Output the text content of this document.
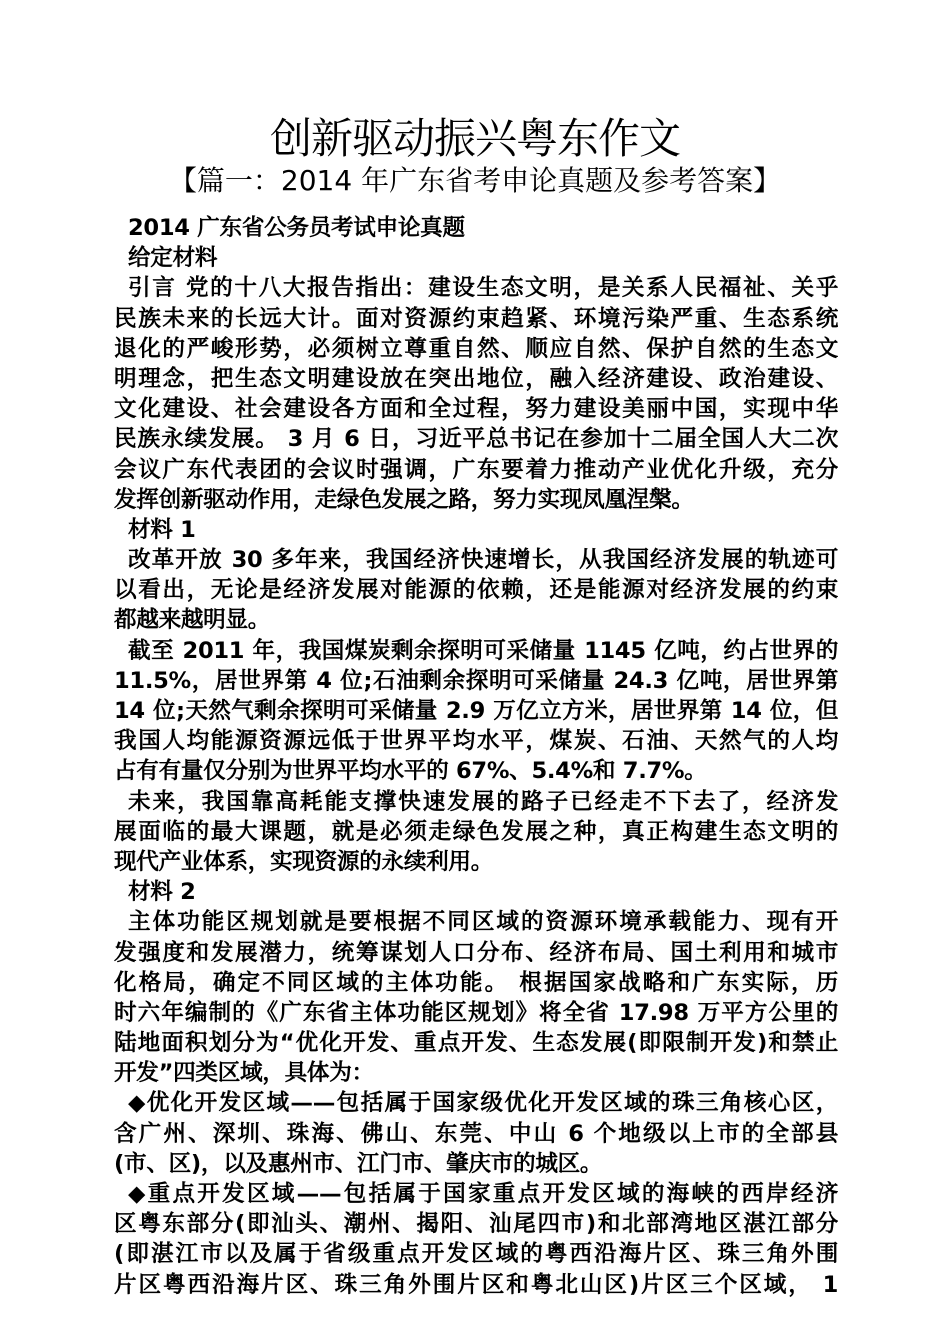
创新驱动振兴粤东作文
【篇一：2014 年广东省考申论真题及参考答案】
2014 广东省公务员考试申论真题
给定材料
引言 党的十八大报告指出：建设生态文明，是关系人民福祉、关乎
民族未来的长远大计。面对资源约束趋紧、环境污染严重、生态系统
退化的严峻形势，必须树立尊重自然、顺应自然、保护自然的生态文
明理念，把生态文明建设放在突出地位，融入经济建设、政治建设、
文化建设、社会建设各方面和全过程，努力建设美丽中国，实现中华
民族永续发展。 3 月 6 日，习近平总书记在参加十二届全国人大二次
会议广东代表团的会议时强调，广东要着力推动产业优化升级，充分
发挥创新驱动作用，走绿色发展之路，努力实现凤凰涅槃。
材料 1
改革开放 30 多年来，我国经济快速增长，从我国经济发展的轨迹可
以看出，无论是经济发展对能源的依赖，还是能源对经济发展的约束
都越来越明显。
截至 2011 年，我国煤炭剩余探明可采储量 1145 亿吨，约占世界的
11.5%，居世界第 4 位;石油剩余探明可采储量 24.3 亿吨，居世界第
14 位;天然气剩余探明可采储量 2.9 万亿立方米，居世界第 14 位，但
我国人均能源资源远低于世界平均水平，煤炭、石油、天然气的人均
占有有量仅分别为世界平均水平的 67%、5.4%和 7.7%。
未来，我国靠高耗能支撑快速发展的路子已经走不下去了，经济发
展面临的最大课题，就是必须走绿色发展之种，真正构建生态文明的
现代产业体系，实现资源的永续利用。
材料 2
主体功能区规划就是要根据不同区域的资源环境承载能力、现有开
发强度和发展潜力，统筹谋划人口分布、经济布局、国土利用和城市
化格局，确定不同区域的主体功能。 根据国家战略和广东实际，历
时六年编制的《广东省主体功能区规划》将全省 17.98 万平方公里的
陆地面积划分为“优化开发、重点开发、生态发展(即限制开发)和禁止
开发”四类区域，具体为：
◆优化开发区域——包括属于国家级优化开发区域的珠三角核心区，
含广州、深圳、珠海、佛山、东莞、中山 6 个地级以上市的全部县
(市、区)，以及惠州市、江门市、肇庆市的城区。
◆重点开发区域——包括属于国家重点开发区域的海峡的西岸经济
区粤东部分(即汕头、潮州、揭阳、汕尾四市)和北部湾地区湛江部分
(即湛江市以及属于省级重点开发区域的粤西沿海片区、珠三角外围
片区粤西沿海片区、珠三角外围片区和粤北山区)片区三个区域， 1
